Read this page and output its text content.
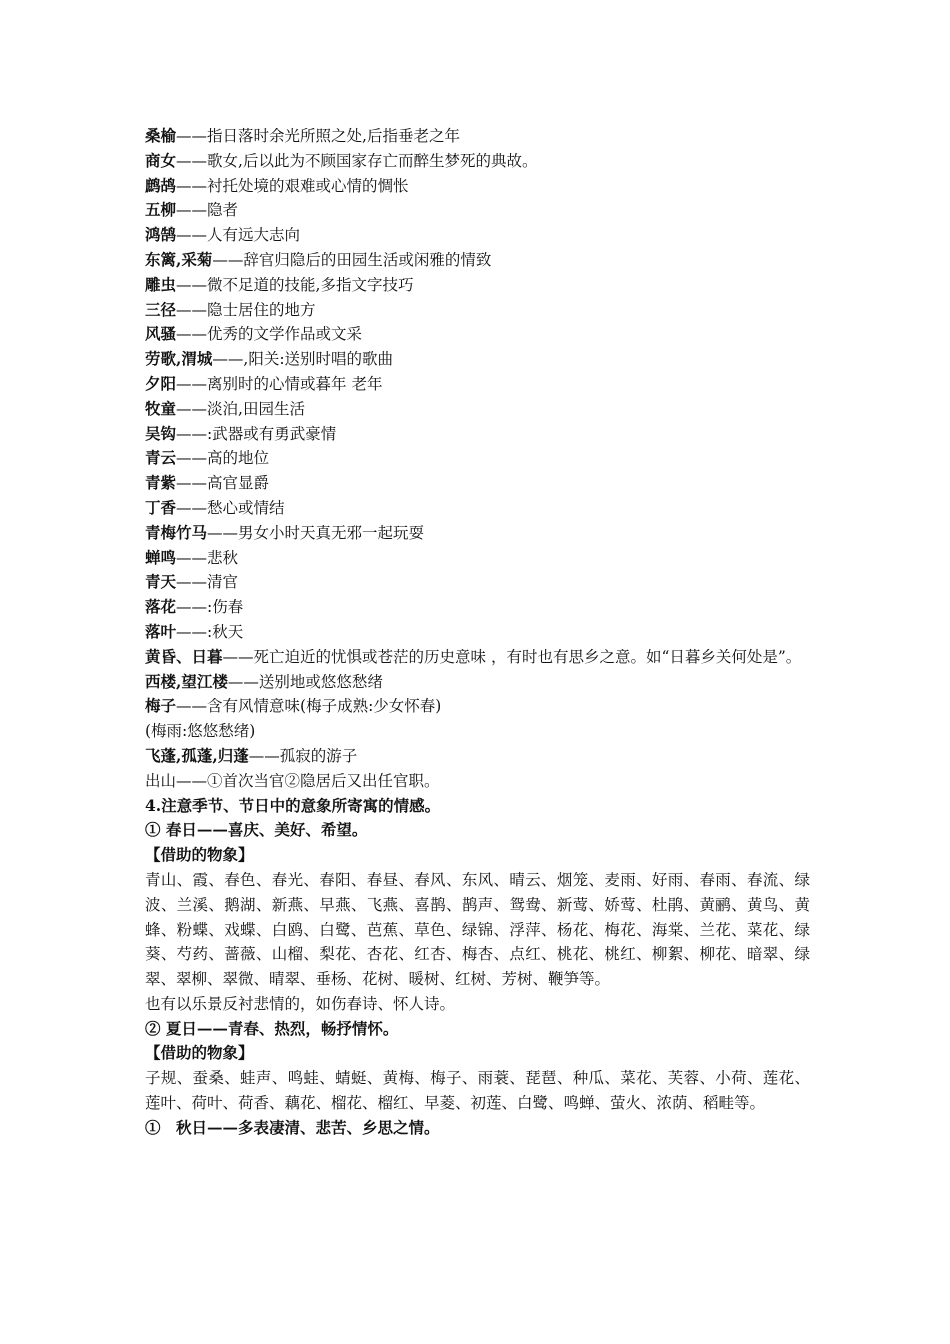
桑榆——指日落时余光所照之处,后指垂老之年
商女——歌女,后以此为不顾国家存亡而醉生梦死的典故。
鹧鸪——衬托处境的艰难或心情的惆怅
五柳——隐者
鸿鹄——人有远大志向
东篱,采菊——辞官归隐后的田园生活或闲雅的情致
雕虫——微不足道的技能,多指文字技巧
三径——隐士居住的地方
风骚——优秀的文学作品或文采
劳歌,渭城——,阳关:送别时唱的歌曲
夕阳——离别时的心情或暮年 老年
牧童——淡泊,田园生活
吴钩——:武器或有勇武豪情
青云——高的地位
青紫——高官显爵
丁香——愁心或情结
青梅竹马——男女小时天真无邪一起玩耍
蝉鸣——悲秋
青天——清官
落花——:伤春
落叶——:秋天
黄昏、日暮——死亡迫近的忧惧或苍茫的历史意味 ，有时也有思乡之意。如“日暮乡关何处是”。
西楼,望江楼——送别地或悠悠愁绪
梅子——含有风情意味(梅子成熟:少女怀春)
(梅雨:悠悠愁绪)
飞蓬,孤蓬,归蓬——孤寂的游子
出山——①首次当官②隐居后又出任官职。
4.注意季节、节日中的意象所寄寓的情感。
① 春日——喜庆、美好、希望。
【借助的物象】
青山、霞、春色、春光、春阳、春昼、春风、东风、晴云、烟笼、麦雨、好雨、春雨、春流、绿波、兰溪、鹅湖、新燕、早燕、飞燕、喜鹊、鹊声、鸳鸯、新莺、娇莺、杜鹃、黄鹂、黄鸟、黄蜂、粉蝶、戏蝶、白鸥、白鹭、芭蕉、草色、绿锦、浮萍、杨花、梅花、海棠、兰花、菜花、绿葵、芍药、蔷薇、山榴、梨花、杏花、红杏、梅杏、点红、桃花、桃红、柳絮、柳花、暗翠、绿翠、翠柳、翠微、晴翠、垂杨、花树、暖树、红树、芳树、鞭笋等。
也有以乐景反衬悲情的，如伤春诗、怀人诗。
② 夏日——青春、热烈，畅抒情怀。
【借助的物象】
子规、蚕桑、蛙声、鸣蛙、蜻蜓、黄梅、梅子、雨蓑、琵琶、种瓜、菜花、芙蓉、小荷、莲花、莲叶、荷叶、荷香、藕花、榴花、榴红、早菱、初莲、白鹭、鸣蝉、萤火、浓荫、稻畦等。
①　秋日——多表凄清、悲苦、乡思之情。
